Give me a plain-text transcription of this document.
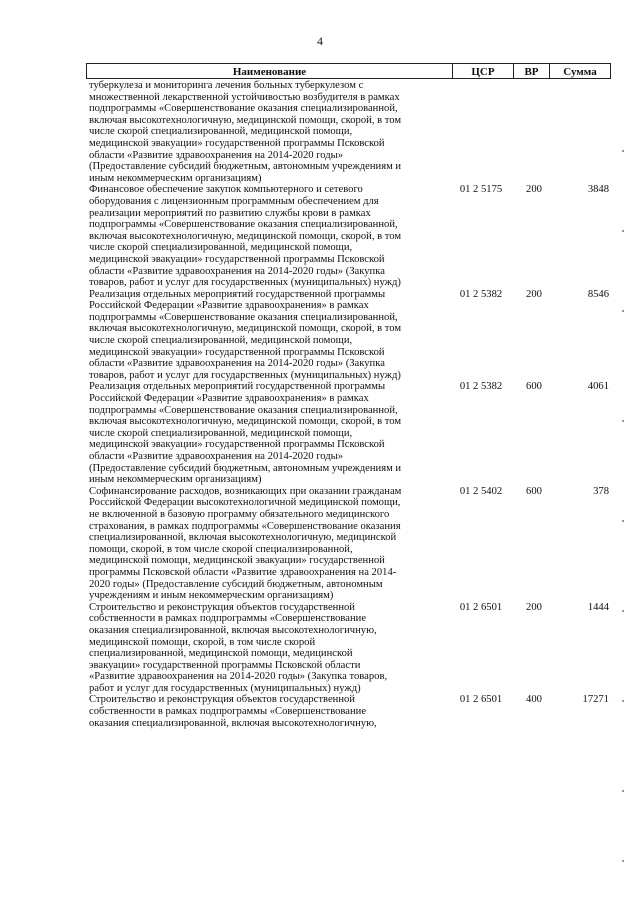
4
Наименование	ЦСР	ВР	Сумма
туберкулеза и мониторинга лечения больных туберкулезом с
множественной лекарственной устойчивостью возбудителя в рамках
подпрограммы «Совершенствование оказания специализированной,
включая высокотехнологичную, медицинской помощи, скорой, в том
числе скорой специализированной, медицинской помощи,
медицинской эвакуации» государственной программы Псковской
области «Развитие здравоохранения на 2014-2020 годы»
(Предоставление субсидий бюджетным, автономным учреждениям и
иным некоммерческим организациям)
Финансовое обеспечение закупок компьютерного и сетевого
оборудования с лицензионным программным обеспечением для
реализации мероприятий по развитию службы крови в рамках
подпрограммы «Совершенствование оказания специализированной,
включая высокотехнологичную, медицинской помощи, скорой, в том
числе скорой специализированной, медицинской помощи,
медицинской эвакуации» государственной программы Псковской
области «Развитие здравоохранения на 2014-2020 годы» (Закупка
товаров, работ и услуг для государственных (муниципальных) нужд)
01 2 5175	200	3848
Реализация отдельных мероприятий государственной программы
Российской Федерации «Развитие здравоохранения» в рамках
подпрограммы «Совершенствование оказания специализированной,
включая высокотехнологичную, медицинской помощи, скорой, в том
числе скорой специализированной, медицинской помощи,
медицинской эвакуации» государственной программы Псковской
области «Развитие здравоохранения на 2014-2020 годы» (Закупка
товаров, работ и услуг для государственных (муниципальных) нужд)
01 2 5382	200	8546
Реализация отдельных мероприятий государственной программы
Российской Федерации «Развитие здравоохранения» в рамках
подпрограммы «Совершенствование оказания специализированной,
включая высокотехнологичную, медицинской помощи, скорой, в том
числе скорой специализированной, медицинской помощи,
медицинской эвакуации» государственной программы Псковской
области «Развитие здравоохранения на 2014-2020 годы»
(Предоставление субсидий бюджетным, автономным учреждениям и
иным некоммерческим организациям)
01 2 5382	600	4061
Софинансирование расходов, возникающих при оказании гражданам
Российской Федерации высокотехнологичной медицинской помощи,
не включенной в базовую программу обязательного медицинского
страхования, в рамках подпрограммы «Совершенствование оказания
специализированной, включая высокотехнологичную, медицинской
помощи, скорой, в том числе скорой специализированной,
медицинской помощи, медицинской эвакуации» государственной
программы Псковской области «Развитие здравоохранения на 2014-
2020 годы» (Предоставление субсидий бюджетным, автономным
учреждениям и иным некоммерческим организациям)
01 2 5402	600	378
Строительство и реконструкция объектов государственной
собственности в рамках подпрограммы «Совершенствование
оказания специализированной, включая высокотехнологичную,
медицинской помощи, скорой, в том числе скорой
специализированной, медицинской помощи, медицинской
эвакуации» государственной программы Псковской области
«Развитие здравоохранения на 2014-2020 годы» (Закупка товаров,
работ и услуг для государственных (муниципальных) нужд)
01 2 6501	200	1444
Строительство и реконструкция объектов государственной
собственности в рамках подпрограммы «Совершенствование
оказания специализированной, включая высокотехнологичную,
01 2 6501	400	17271
